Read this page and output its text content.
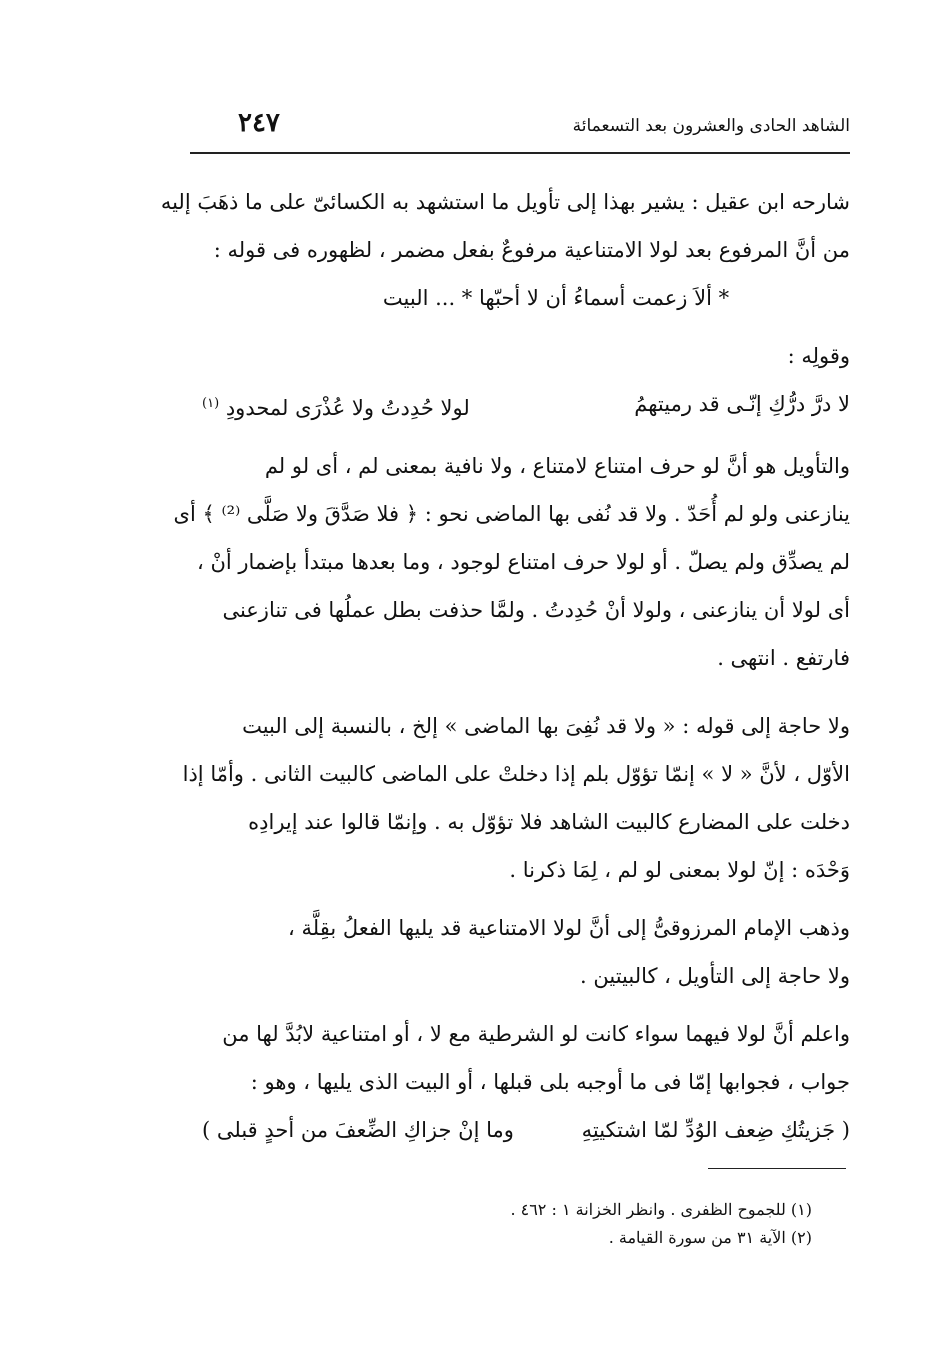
الشاهد الحادى والعشرون بعد التسعمائة
٢٤٧

شارحه ابن عقيل : يشير بهذا إلى تأويل ما استشهد به الكسائىّ على ما ذهَبَ إليه
من أنَّ المرفوع بعد لولا الامتناعية مرفوعٌ بفعل مضمر ، لظهوره فى قوله :

* ألاَ زعمت أسماءُ أن لا أحبّها * ... البيت

وقولِه :

لا درَّ درُّكِ إنّـى قد رميتهمُ
لولا حُدِدتُ ولا عُذْرَى لمحدودِ $^{(١)}$

والتأويل هو أنَّ لو حرف امتناع لامتناع ، ولا نافية بمعنى لم ، أى لو لم
ينازعنى ولو لم أُحَدّ . ولا قد نُفى بها الماضى نحو : ﴿ فلا صَدَّقَ ولا صَلَّى ⁽²⁾ ﴾ أى
لم يصدِّق ولم يصلّ . أو لولا حرف امتناع لوجود ، وما بعدها مبتدأ بإضمار أنْ ،
أى لولا أن ينازعنى ، ولولا أنْ حُدِدتُ . ولمَّا حذفت بطل عملُها فى تنازعنى
فارتفع . انتهى .

ولا حاجة إلى قوله : « ولا قد نُفِىَ بها الماضى » إلخ ، بالنسبة إلى البيت
الأوّل ، لأنَّ « لا » إنمّا تؤوّل بلم إذا دخلتْ على الماضى كالبيت الثانى . وأمّا إذا
دخلت على المضارع كالبيت الشاهد فلا تؤوّل به . وإنمّا قالوا عند إيرادِه
وَحْدَه : إنّ لولا بمعنى لو لم ، لِمَا ذكرنا .

وذهب الإمام المرزوقىُّ إلى أنَّ لولا الامتناعية قد يليها الفعلُ بقِلَّة ،
ولا حاجة إلى التأويل ، كالبيتين .

واعلم أنَّ لولا فيهما سواء كانت لو الشرطية مع لا ، أو امتناعية لابُدَّ لها من
جواب ، فجوابها إمّا فى ما أوجبه بلى قبلها ، أو البيت الذى يليها ، وهو :

( جَزيتُكِ ضِعف الوُدِّ لمّا اشتكيتِهِ
وما إنْ جزاكِ الضِّعفَ من أحدٍ قبلى )

(١) للجموح الظفرى . وانظر الخزانة ١ : ٤٦٢ .
(٢) الآية ٣١ من سورة القيامة .
